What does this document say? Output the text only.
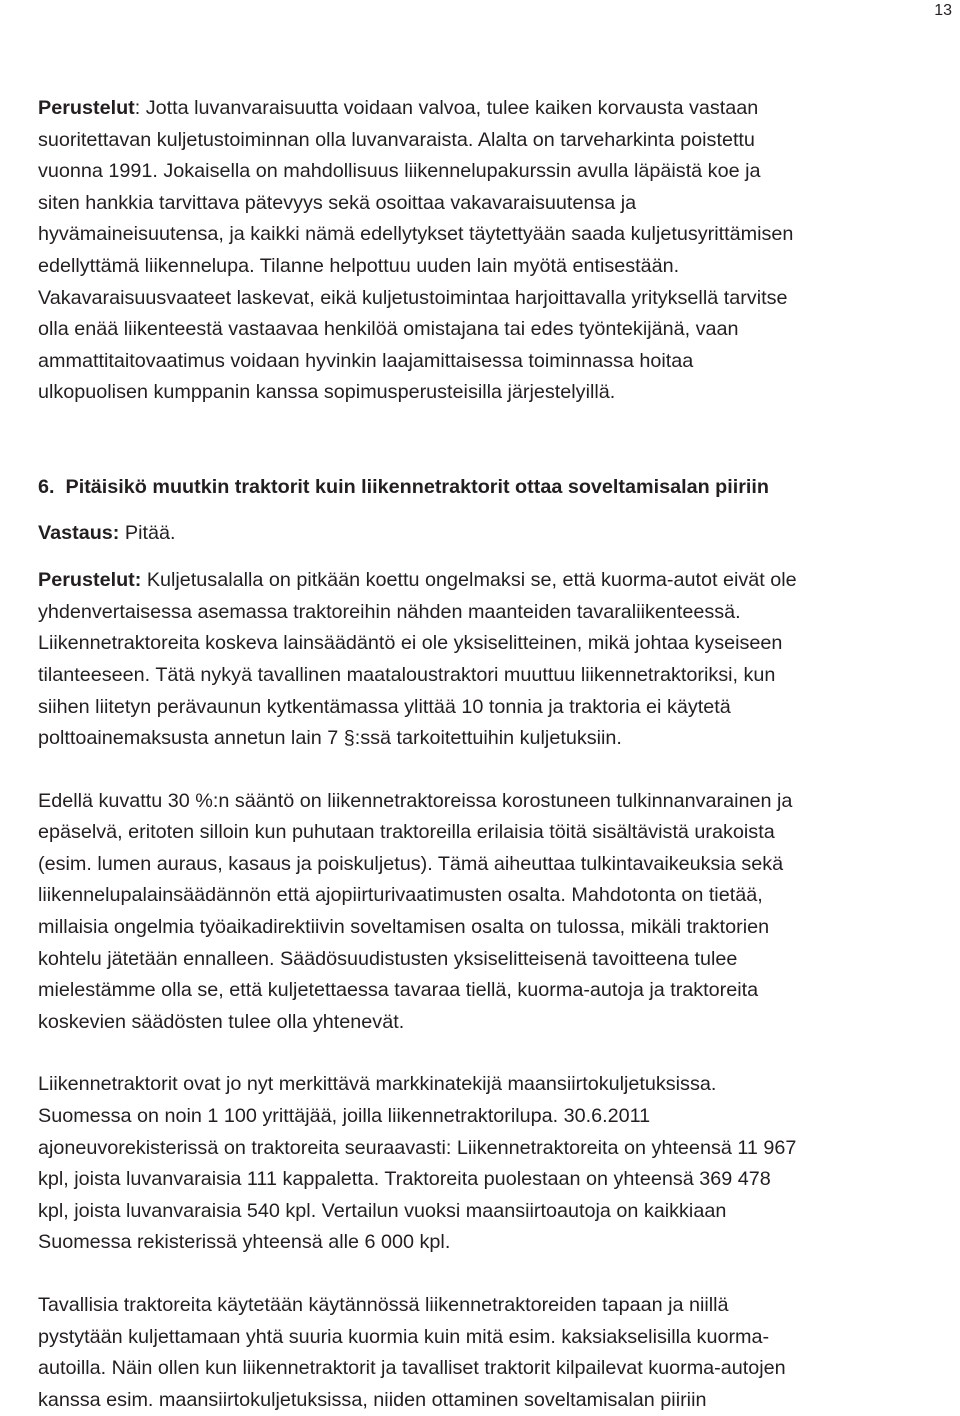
13
Perustelut: Jotta luvanvaraisuutta voidaan valvoa, tulee kaiken korvausta vastaan
suoritettavan kuljetustoiminnan olla luvanvaraista. Alalta on tarveharkinta poistettu
vuonna 1991. Jokaisella on mahdollisuus liikennelupakurssin avulla läpäistä koe ja
siten hankkia tarvittava pätevyys sekä osoittaa vakavaraisuutensa ja
hyvämaineisuutensa, ja kaikki nämä edellytykset täytettyään saada kuljetusyrittämisen
edellyttämä liikennelupa. Tilanne helpottuu uuden lain myötä entisestään.
Vakavaraisuusvaateet laskevat, eikä kuljetustoimintaa harjoittavalla yrityksellä tarvitse
olla enää liikenteestä vastaavaa henkilöä omistajana tai edes työntekijänä, vaan
ammattitaitovaatimus voidaan hyvinkin laajamittaisessa toiminnassa hoitaa
ulkopuolisen kumppanin kanssa sopimusperusteisilla järjestelyillä.
6. Pitäisikö muutkin traktorit kuin liikennetraktorit ottaa soveltamisalan piiriin
Vastaus: Pitää.
Perustelut: Kuljetusalalla on pitkään koettu ongelmaksi se, että kuorma-autot eivät ole
yhdenvertaisessa asemassa traktoreihin nähden maanteiden tavaraliikenteessä.
Liikennetraktoreita koskeva lainsäädäntö ei ole yksiselitteinen, mikä johtaa kyseiseen
tilanteeseen. Tätä nykyä tavallinen maataloustraktori muuttuu liikennetraktoriksi, kun
siihen liitetyn perävaunun kytkentämassa ylittää 10 tonnia ja traktoria ei käytetä
polttoainemaksusta annetun lain 7 §:ssä tarkoitettuihin kuljetuksiin.
Edellä kuvattu 30 %:n sääntö on liikennetraktoreissa korostuneen tulkinnanvarainen ja
epäselvä, eritoten silloin kun puhutaan traktoreilla erilaisia töitä sisältävistä urakoista
(esim. lumen auraus, kasaus ja poiskuljetus). Tämä aiheuttaa tulkintavaikeuksia sekä
liikennelupalainsäädännön että ajopiirturivaatimusten osalta. Mahdotonta on tietää,
millaisia ongelmia työaikadirektiivin soveltamisen osalta on tulossa, mikäli traktorien
kohtelu jätetään ennalleen. Säädösuudistusten yksiselitteisenä tavoitteena tulee
mielestämme olla se, että kuljetettaessa tavaraa tiellä, kuorma-autoja ja traktoreita
koskevien säädösten tulee olla yhtenevät.
Liikennetraktorit ovat jo nyt merkittävä markkinatekijä maansiirtokuljetuksissa.
Suomessa on noin 1 100 yrittäjää, joilla liikennetraktorilupa. 30.6.2011
ajoneuvorekisterissä on traktoreita seuraavasti: Liikennetraktoreita on yhteensä 11 967
kpl, joista luvanvaraisia 111 kappaletta. Traktoreita puolestaan on yhteensä 369 478
kpl, joista luvanvaraisia 540 kpl. Vertailun vuoksi maansiirtoautoja on kaikkiaan
Suomessa rekisterissä yhteensä alle 6 000 kpl.
Tavallisia traktoreita käytetään käytännössä liikennetraktoreiden tapaan ja niillä
pystytään kuljettamaan yhtä suuria kuormia kuin mitä esim. kaksiakselisilla kuorma-
autoilla. Näin ollen kun liikennetraktorit ja tavalliset traktorit kilpailevat kuorma-autojen
kanssa esim. maansiirtokuljetuksissa, niiden ottaminen soveltamisalan piiriin
